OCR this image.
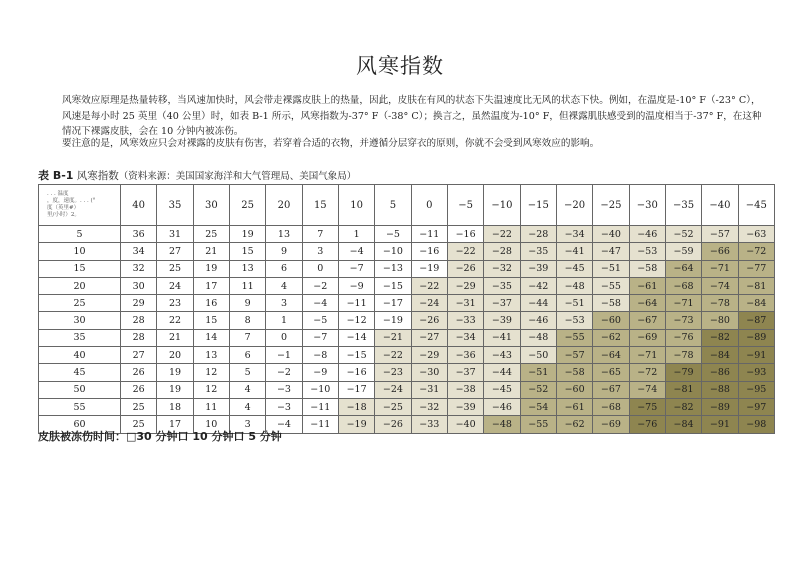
风寒指数

风寒效应原理是热量转移，当风速加快时，风会带走裸露皮肤上的热量，因此，皮肤在有风的状态下失温速度比无风的状态下快。例如，在温度是-10° F（-23° C），风速是每小时 25 英里（40 公里）时，如表 B-1 所示，风寒指数为-37° F（-38° C）；换言之，虽然温度为-10° F，但裸露肌肤感受到的温度相当于-37° F，在这种情况下裸露皮肤，会在 10 分钟内被冻伤。

要注意的是，风寒效应只会对裸露的皮肤有伤害，若穿着合适的衣物，并遵循分层穿衣的原则，你就不会受到风寒效应的影响。

表 B-1 风寒指数（资料来源：美国国家海洋和大气管理局、美国气象局）
. . . 温度
，度，速度。. . . (°
度（英里#）
里/小时）2。	40	35	30	25	20	15	10	5	0	−5	−10	−15	−20	−25	−30	−35	−40	−45
5	36	31	25	19	13	7	1	−5	−11	−16	−22	−28	−34	−40	−46	−52	−57	−63
10	34	27	21	15	9	3	−4	−10	−16	−22	−28	−35	−41	−47	−53	−59	−66	−72
15	32	25	19	13	6	0	−7	−13	−19	−26	−32	−39	−45	−51	−58	−64	−71	−77
20	30	24	17	11	4	−2	−9	−15	−22	−29	−35	−42	−48	−55	−61	−68	−74	−81
25	29	23	16	9	3	−4	−11	−17	−24	−31	−37	−44	−51	−58	−64	−71	−78	−84
30	28	22	15	8	1	−5	−12	−19	−26	−33	−39	−46	−53	−60	−67	−73	−80	−87
35	28	21	14	7	0	−7	−14	−21	−27	−34	−41	−48	−55	−62	−69	−76	−82	−89
40	27	20	13	6	−1	−8	−15	−22	−29	−36	−43	−50	−57	−64	−71	−78	−84	−91
45	26	19	12	5	−2	−9	−16	−23	−30	−37	−44	−51	−58	−65	−72	−79	−86	−93
50	26	19	12	4	−3	−10	−17	−24	−31	−38	−45	−52	−60	−67	−74	−81	−88	−95
55	25	18	11	4	−3	−11	−18	−25	−32	−39	−46	−54	−61	−68	−75	−82	−89	−97
60	25	17	10	3	−4	−11	−19	−26	−33	−40	−48	−55	−62	−69	−76	−84	−91	−98
皮肤被冻伤时间：□30 分钟口 10 分钟口 5 分钟
